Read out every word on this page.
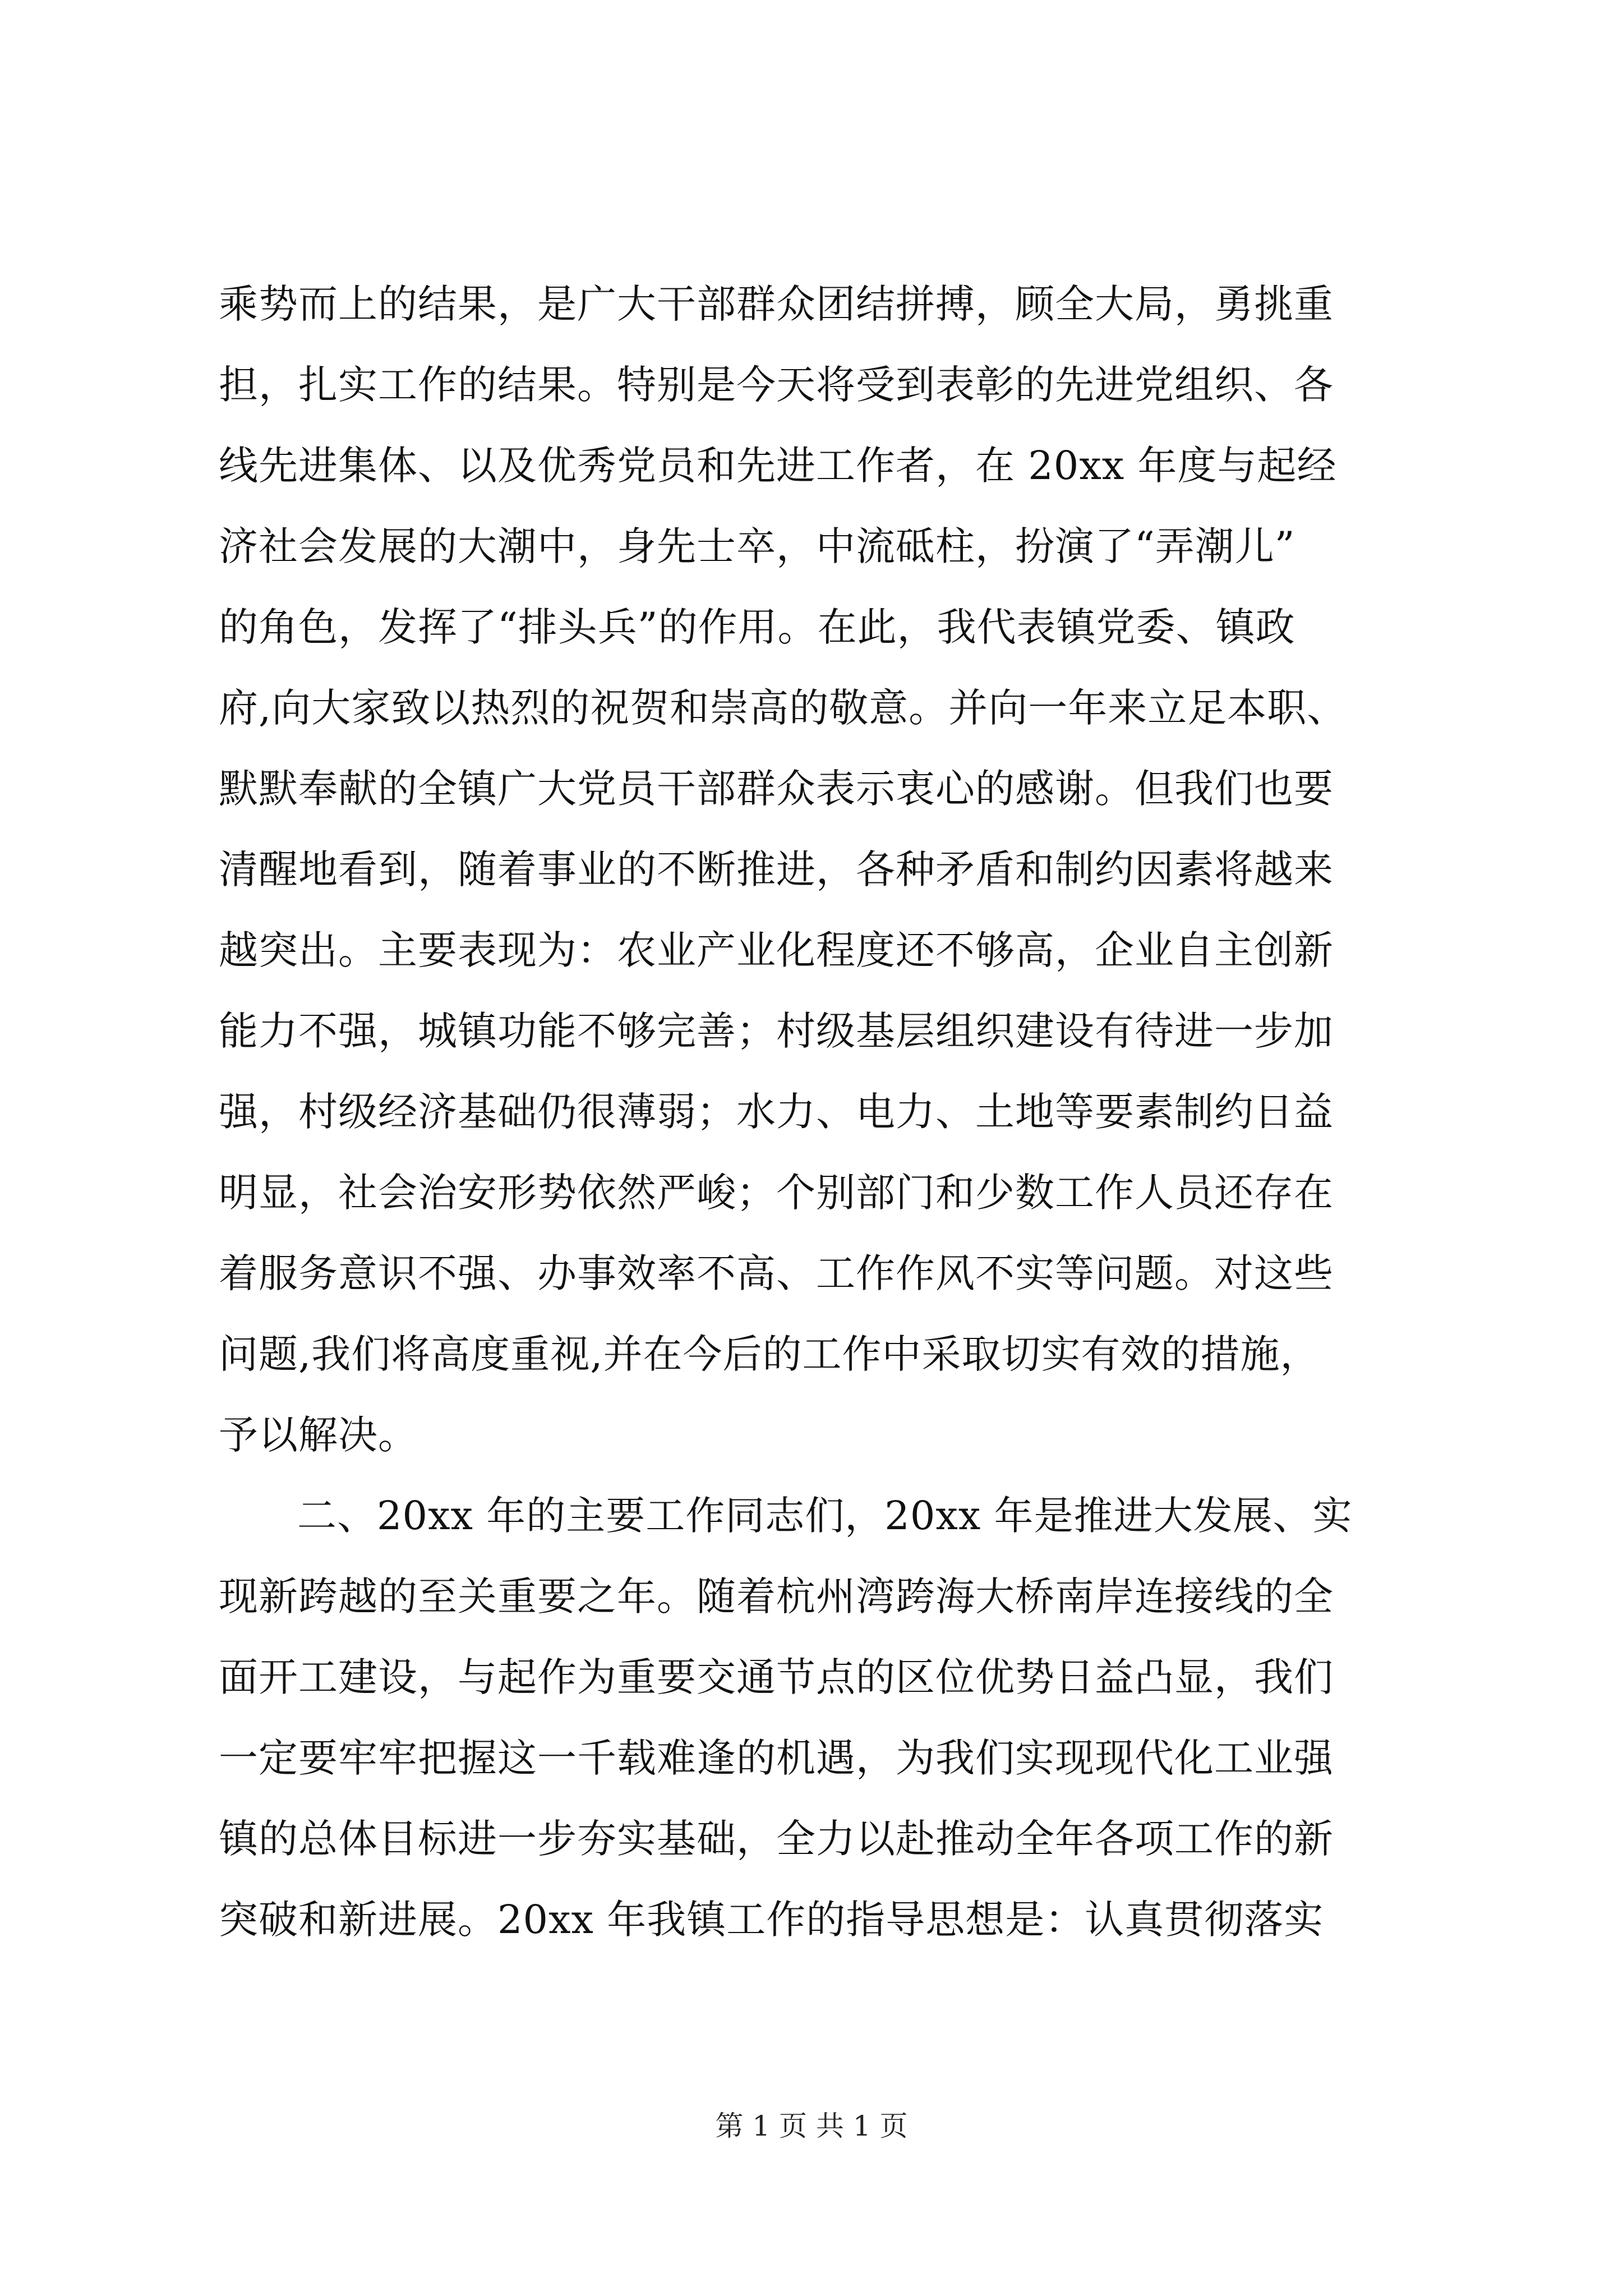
乘势而上的结果，是广大干部群众团结拼搏，顾全大局，勇挑重
担，扎实工作的结果。特别是今天将受到表彰的先进党组织、各
线先进集体、以及优秀党员和先进工作者，在 20xx 年度与起经
济社会发展的大潮中，身先士卒，中流砥柱，扮演了“弄潮儿”
的角色，发挥了“排头兵”的作用。在此，我代表镇党委、镇政
府,向大家致以热烈的祝贺和崇高的敬意。并向一年来立足本职、
默默奉献的全镇广大党员干部群众表示衷心的感谢。但我们也要
清醒地看到，随着事业的不断推进，各种矛盾和制约因素将越来
越突出。主要表现为：农业产业化程度还不够高，企业自主创新
能力不强，城镇功能不够完善；村级基层组织建设有待进一步加
强，村级经济基础仍很薄弱；水力、电力、土地等要素制约日益
明显，社会治安形势依然严峻；个别部门和少数工作人员还存在
着服务意识不强、办事效率不高、工作作风不实等问题。对这些
问题,我们将高度重视,并在今后的工作中采取切实有效的措施，
予以解决。
二、20xx 年的主要工作同志们，20xx 年是推进大发展、实
现新跨越的至关重要之年。随着杭州湾跨海大桥南岸连接线的全
面开工建设，与起作为重要交通节点的区位优势日益凸显，我们
一定要牢牢把握这一千载难逢的机遇，为我们实现现代化工业强
镇的总体目标进一步夯实基础，全力以赴推动全年各项工作的新
突破和新进展。20xx 年我镇工作的指导思想是：认真贯彻落实
第 1 页 共 1 页
